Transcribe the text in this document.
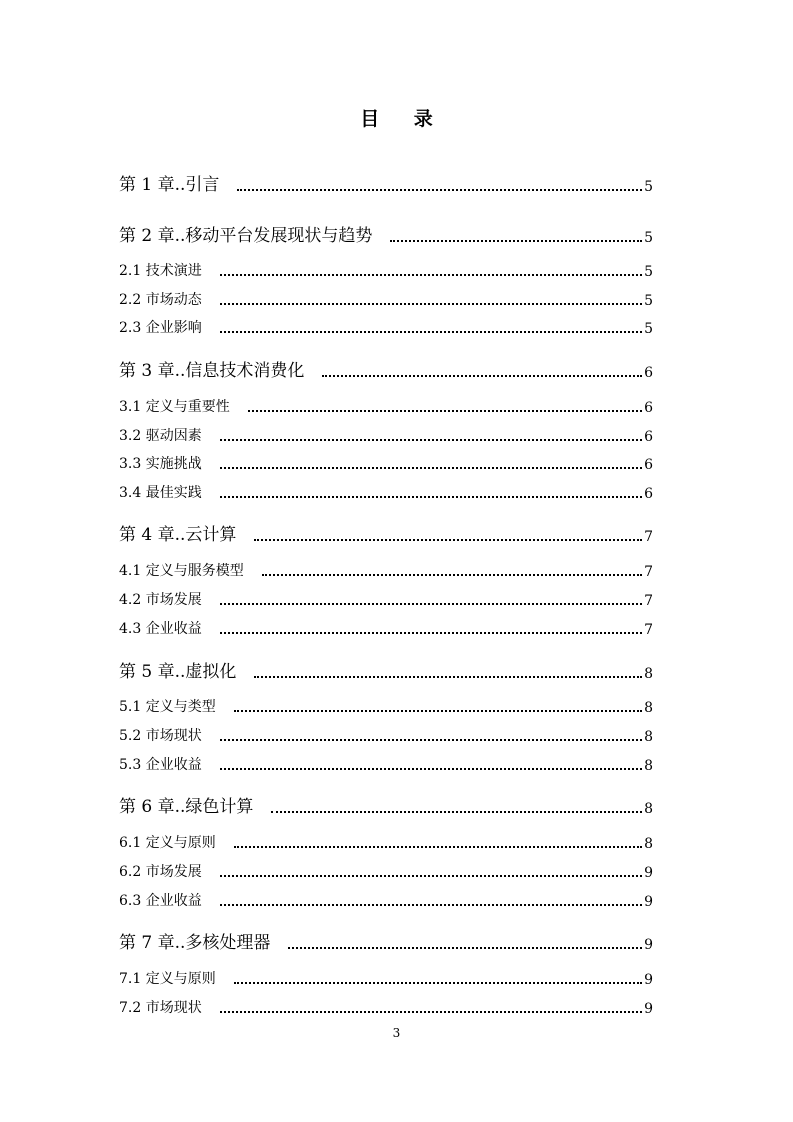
目 录
第 1 章..引言	5
第 2 章..移动平台发展现状与趋势	5
2.1 技术演进	5
2.2 市场动态	5
2.3 企业影响	5
第 3 章..信息技术消费化	6
3.1 定义与重要性	6
3.2 驱动因素	6
3.3 实施挑战	6
3.4 最佳实践	6
第 4 章..云计算	7
4.1 定义与服务模型	7
4.2 市场发展	7
4.3 企业收益	7
第 5 章..虚拟化	8
5.1 定义与类型	8
5.2 市场现状	8
5.3 企业收益	8
第 6 章..绿色计算	8
6.1 定义与原则	8
6.2 市场发展	9
6.3 企业收益	9
第 7 章..多核处理器	9
7.1 定义与原则	9
7.2 市场现状	9
3
